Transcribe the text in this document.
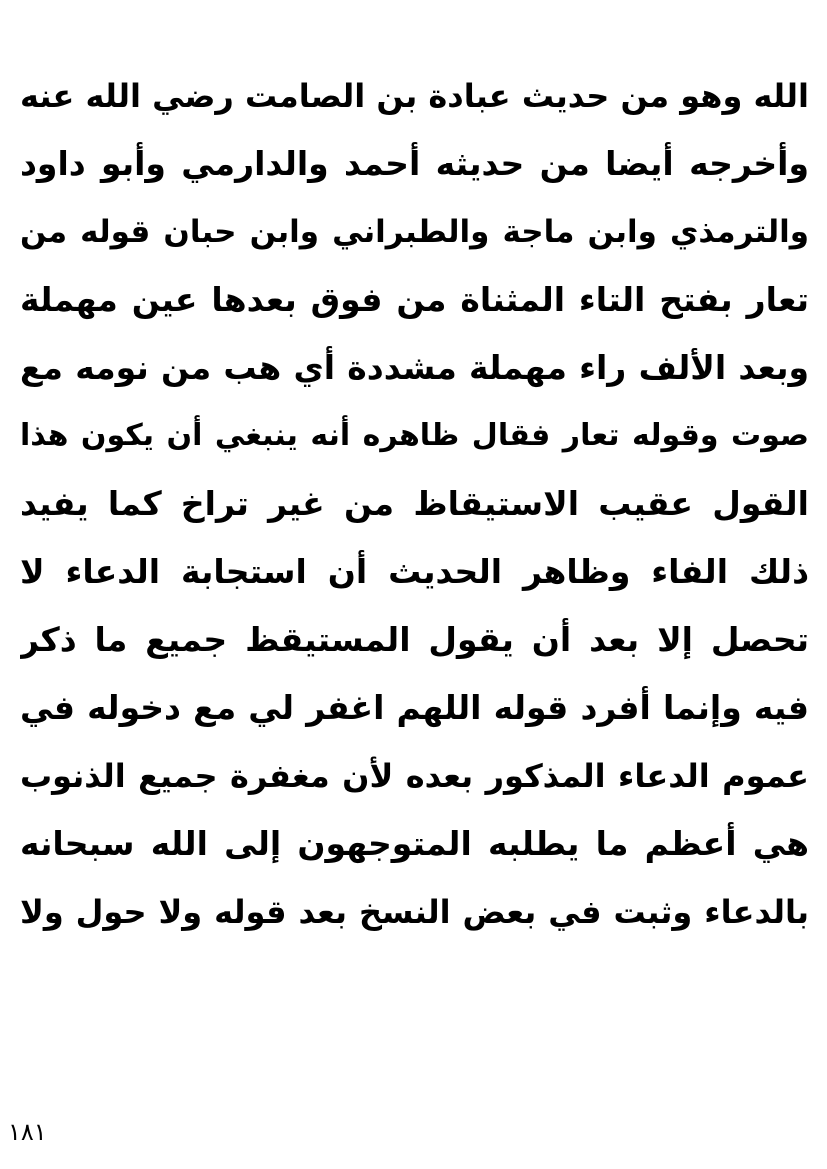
الله وهو من حديث عبادة بن الصامت رضي الله عنه
وأخرجه أيضا من حديثه أحمد والدارمي وأبو داود
والترمذي وابن ماجة والطبراني وابن حبان قوله من
تعار بفتح التاء المثناة من فوق بعدها عين مهملة
وبعد الألف راء مهملة مشددة أي هب من نومه مع
صوت وقوله تعار فقال ظاهره أنه ينبغي أن يكون هذا
القول عقيب الاستيقاظ من غير تراخ كما يفيد
ذلك الفاء وظاهر الحديث أن استجابة الدعاء لا
تحصل إلا بعد أن يقول المستيقظ جميع ما ذكر
فيه وإنما أفرد قوله اللهم اغفر لي مع دخوله في
عموم الدعاء المذكور بعده لأن مغفرة جميع الذنوب
هي أعظم ما يطلبه المتوجهون إلى الله سبحانه
بالدعاء وثبت في بعض النسخ بعد قوله ولا حول ولا
١٨١
